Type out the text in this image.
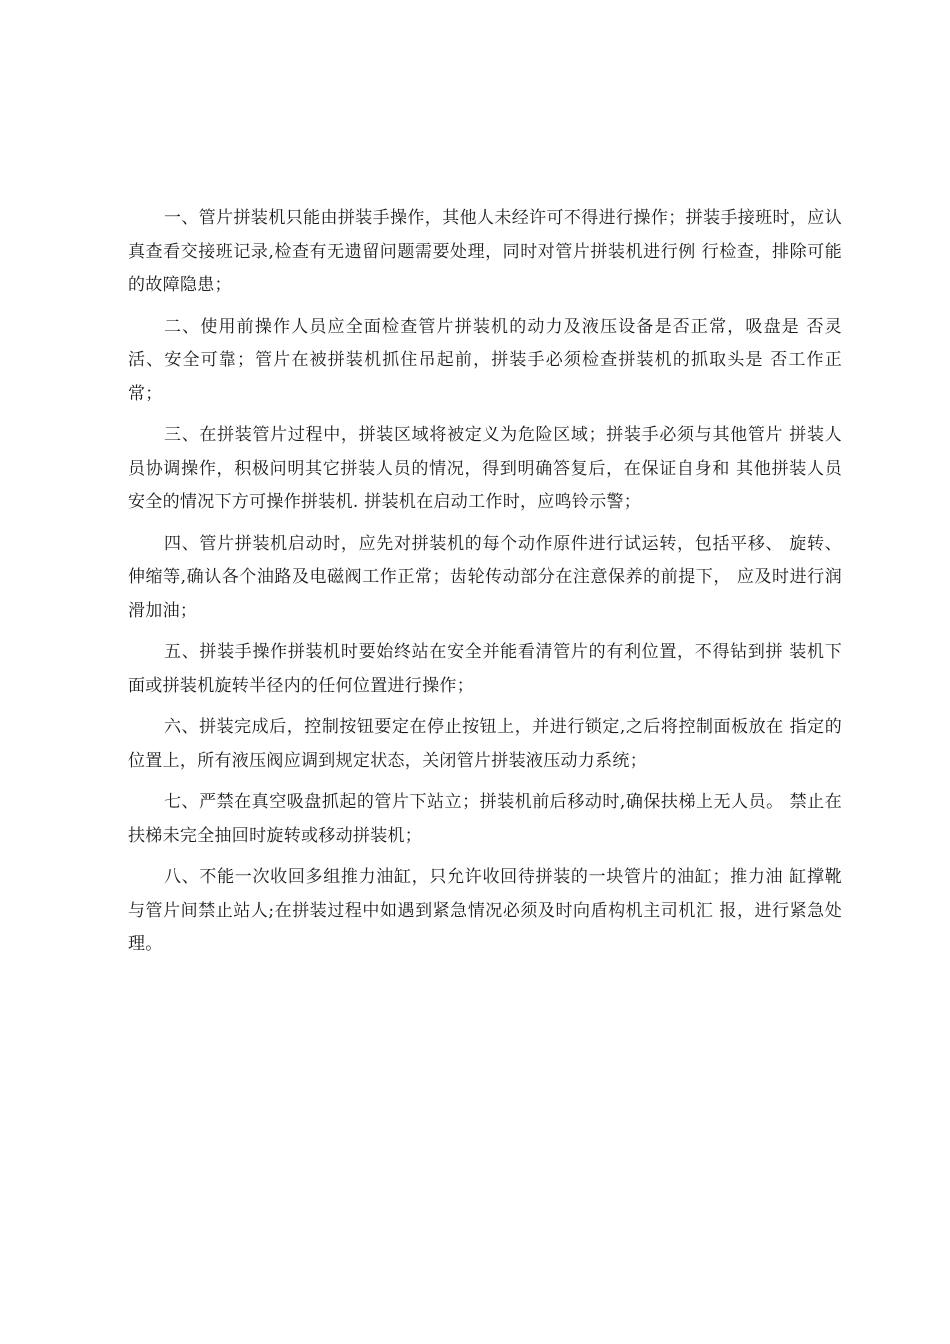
一、管片拼装机只能由拼装手操作，其他人未经许可不得进行操作；拼装手接班时，应认真查看交接班记录,检查有无遗留问题需要处理，同时对管片拼装机进行例 行检查，排除可能的故障隐患；

二、使用前操作人员应全面检查管片拼装机的动力及液压设备是否正常，吸盘是 否灵活、安全可靠；管片在被拼装机抓住吊起前，拼装手必须检查拼装机的抓取头是 否工作正常；

三、在拼装管片过程中，拼装区域将被定义为危险区域；拼装手必须与其他管片 拼装人员协调操作，积极问明其它拼装人员的情况，得到明确答复后，在保证自身和 其他拼装人员安全的情况下方可操作拼装机. 拼装机在启动工作时，应鸣铃示警；

四、管片拼装机启动时，应先对拼装机的每个动作原件进行试运转，包括平移、 旋转、伸缩等,确认各个油路及电磁阀工作正常；齿轮传动部分在注意保养的前提下， 应及时进行润滑加油；

五、拼装手操作拼装机时要始终站在安全并能看清管片的有利位置，不得钻到拼 装机下面或拼装机旋转半径内的任何位置进行操作；

六、拼装完成后，控制按钮要定在停止按钮上，并进行锁定,之后将控制面板放在 指定的位置上，所有液压阀应调到规定状态，关闭管片拼装液压动力系统；

七、严禁在真空吸盘抓起的管片下站立；拼装机前后移动时,确保扶梯上无人员。 禁止在扶梯未完全抽回时旋转或移动拼装机；

八、不能一次收回多组推力油缸，只允许收回待拼装的一块管片的油缸；推力油 缸撑靴与管片间禁止站人;在拼装过程中如遇到紧急情况必须及时向盾构机主司机汇 报，进行紧急处理。
